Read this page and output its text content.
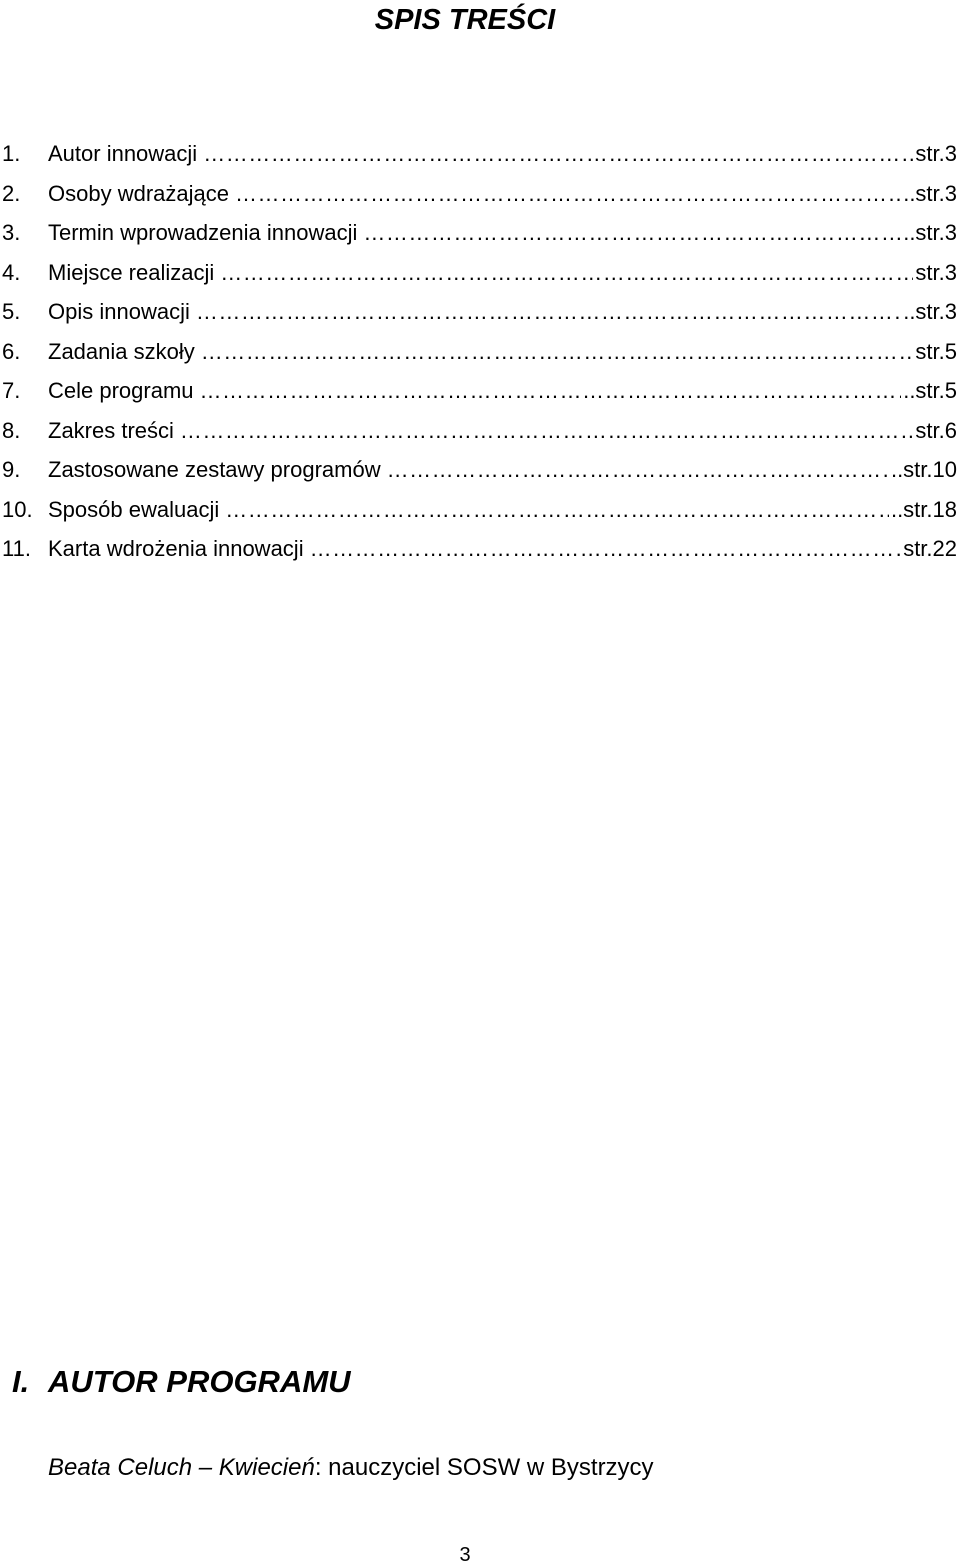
SPIS TREŚCI
1.	Autor innowacji ……………………………………………………………………………………………………………………………………………………………………	str.3
2.	Osoby wdrażające ……………………………………………………………………………………………………………………………………………………………………	..str.3
3.	Termin wprowadzenia innowacji ……………………………………………………………………………………………………………………………………………………………………	..str.3
4.	Miejsce realizacji ……………………………………………………………………………………………………………………………………………………………………	str.3
5.	Opis innowacji ……………………………………………………………………………………………………………………………………………………………………	..str.3
6.	Zadania szkoły ……………………………………………………………………………………………………………………………………………………………………	str.5
7.	Cele programu ……………………………………………………………………………………………………………………………………………………………………	..str.5
8.	Zakres treści ……………………………………………………………………………………………………………………………………………………………………	str.6
9.	Zastosowane zestawy programów ……………………………………………………………………………………………………………………………………………………………………	..str.10
10. Sposób ewaluacji ……………………………………………………………………………………………………………………………………………………………………	..str.18
11. Karta wdrożenia innowacji ……………………………………………………………………………………………………………………………………………………………………	str.22
I. AUTOR PROGRAMU
Beata Celuch – Kwiecień: nauczyciel SOSW w Bystrzycy
3
